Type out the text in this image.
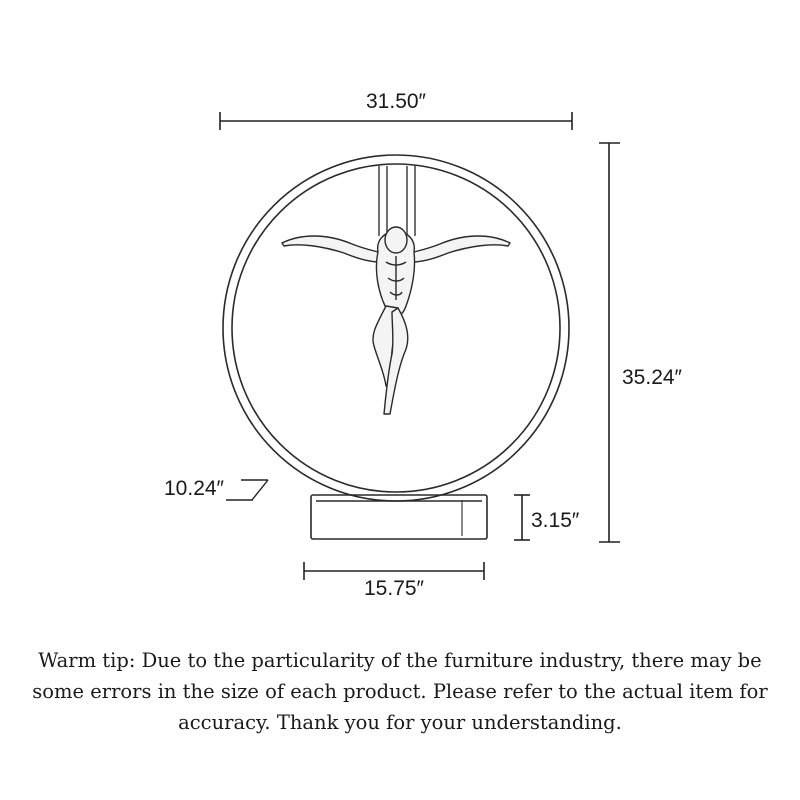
31.50″
35.24″
10.24″
3.15″
15.75″
Warm tip: Due to the particularity of the furniture industry, there may be some errors in the size of each product. Please refer to the actual item for accuracy. Thank you for your understanding.
